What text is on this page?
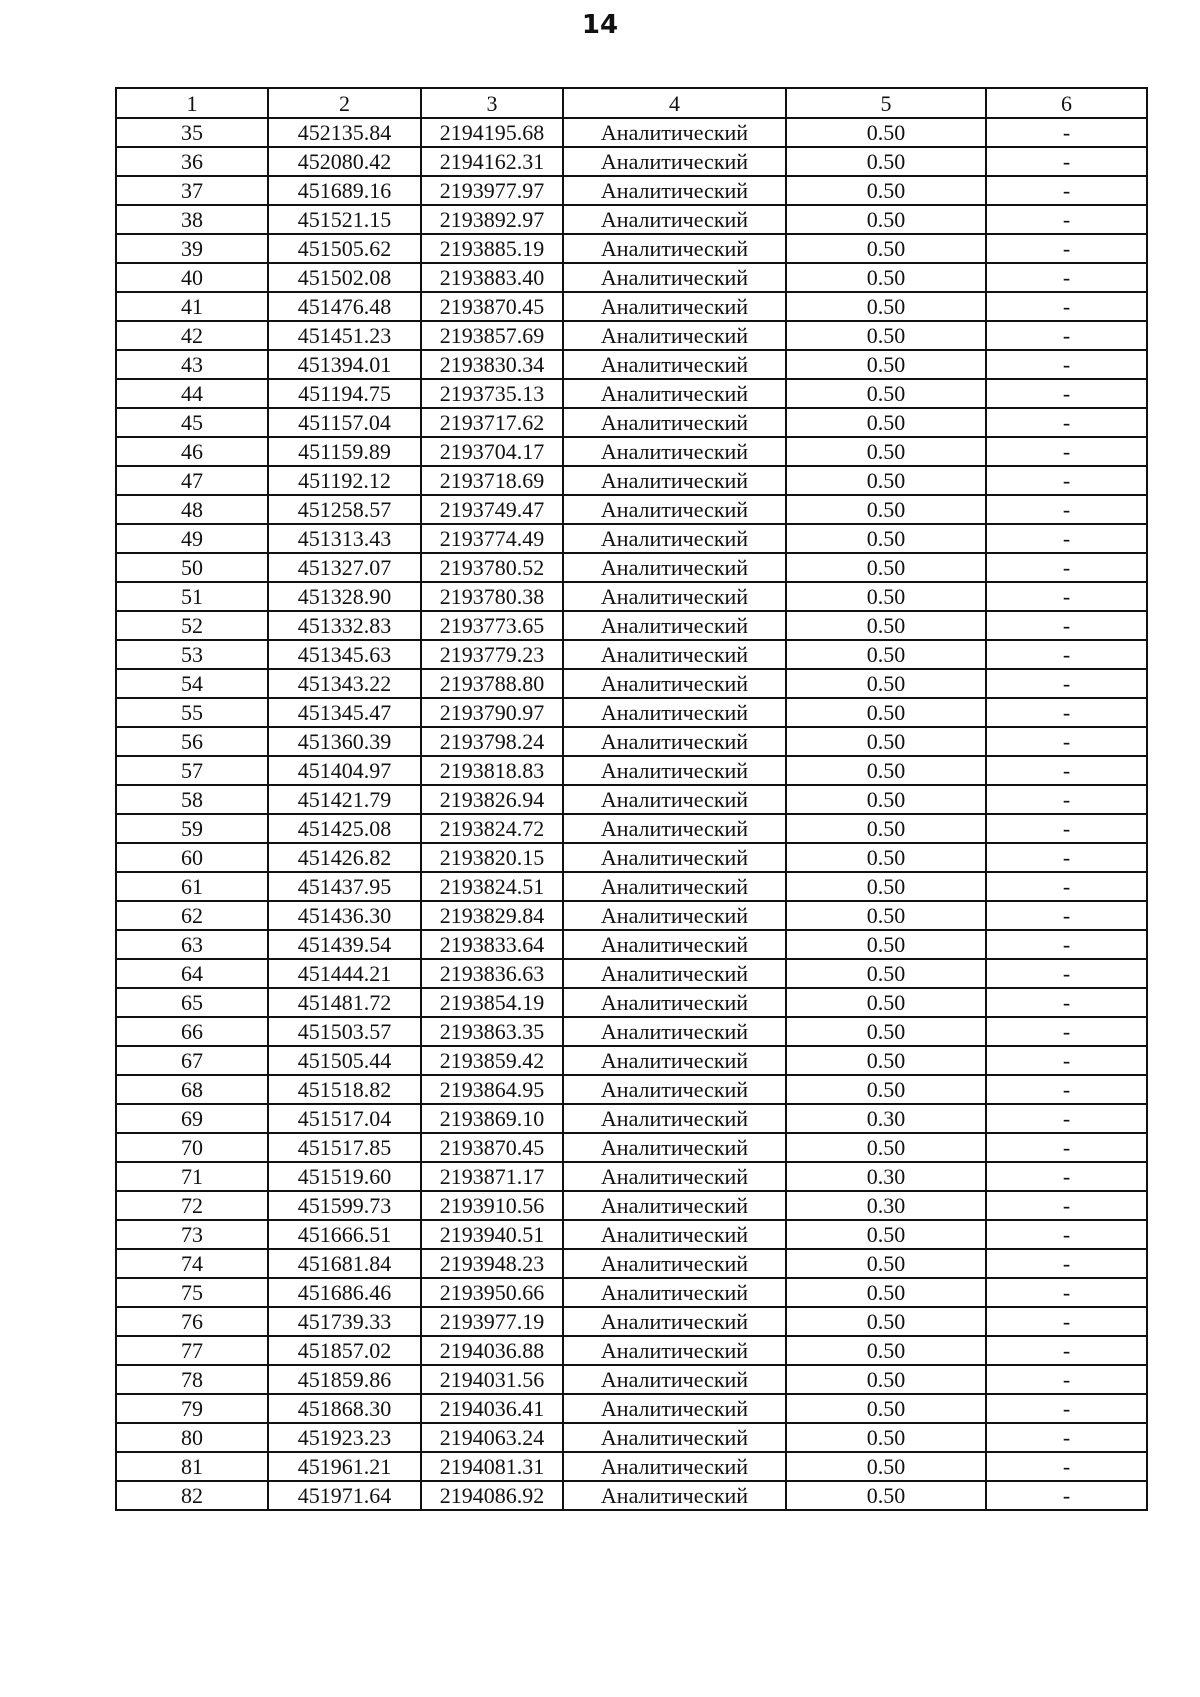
14
1	2	3	4	5	6
35	452135.84	2194195.68	Аналитический	0.50	-
36	452080.42	2194162.31	Аналитический	0.50	-
37	451689.16	2193977.97	Аналитический	0.50	-
38	451521.15	2193892.97	Аналитический	0.50	-
39	451505.62	2193885.19	Аналитический	0.50	-
40	451502.08	2193883.40	Аналитический	0.50	-
41	451476.48	2193870.45	Аналитический	0.50	-
42	451451.23	2193857.69	Аналитический	0.50	-
43	451394.01	2193830.34	Аналитический	0.50	-
44	451194.75	2193735.13	Аналитический	0.50	-
45	451157.04	2193717.62	Аналитический	0.50	-
46	451159.89	2193704.17	Аналитический	0.50	-
47	451192.12	2193718.69	Аналитический	0.50	-
48	451258.57	2193749.47	Аналитический	0.50	-
49	451313.43	2193774.49	Аналитический	0.50	-
50	451327.07	2193780.52	Аналитический	0.50	-
51	451328.90	2193780.38	Аналитический	0.50	-
52	451332.83	2193773.65	Аналитический	0.50	-
53	451345.63	2193779.23	Аналитический	0.50	-
54	451343.22	2193788.80	Аналитический	0.50	-
55	451345.47	2193790.97	Аналитический	0.50	-
56	451360.39	2193798.24	Аналитический	0.50	-
57	451404.97	2193818.83	Аналитический	0.50	-
58	451421.79	2193826.94	Аналитический	0.50	-
59	451425.08	2193824.72	Аналитический	0.50	-
60	451426.82	2193820.15	Аналитический	0.50	-
61	451437.95	2193824.51	Аналитический	0.50	-
62	451436.30	2193829.84	Аналитический	0.50	-
63	451439.54	2193833.64	Аналитический	0.50	-
64	451444.21	2193836.63	Аналитический	0.50	-
65	451481.72	2193854.19	Аналитический	0.50	-
66	451503.57	2193863.35	Аналитический	0.50	-
67	451505.44	2193859.42	Аналитический	0.50	-
68	451518.82	2193864.95	Аналитический	0.50	-
69	451517.04	2193869.10	Аналитический	0.30	-
70	451517.85	2193870.45	Аналитический	0.50	-
71	451519.60	2193871.17	Аналитический	0.30	-
72	451599.73	2193910.56	Аналитический	0.30	-
73	451666.51	2193940.51	Аналитический	0.50	-
74	451681.84	2193948.23	Аналитический	0.50	-
75	451686.46	2193950.66	Аналитический	0.50	-
76	451739.33	2193977.19	Аналитический	0.50	-
77	451857.02	2194036.88	Аналитический	0.50	-
78	451859.86	2194031.56	Аналитический	0.50	-
79	451868.30	2194036.41	Аналитический	0.50	-
80	451923.23	2194063.24	Аналитический	0.50	-
81	451961.21	2194081.31	Аналитический	0.50	-
82	451971.64	2194086.92	Аналитический	0.50	-
